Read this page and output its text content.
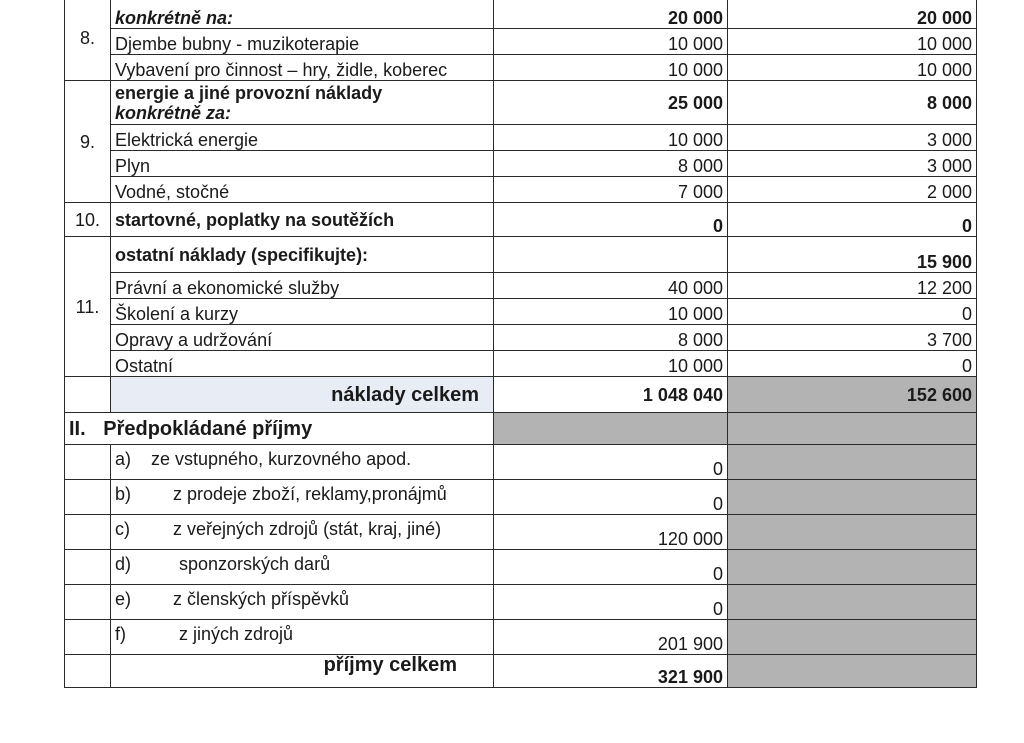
8.	konkrétně na:	20 000	20 000
	Djembe bubny - muzikoterapie	10 000	10 000
	Vybavení pro činnost – hry, židle, koberec	10 000	10 000
9.	energie a jiné provozní náklady
konkrétně za:	25 000	8 000
	Elektrická energie	10 000	3 000
	Plyn	8 000	3 000
	Vodné, stočné	7 000	2 000
10.	startovné, poplatky na soutěžích	0	0
11.	ostatní náklady (specifikujte):		15 900
	Právní a ekonomické služby	40 000	12 200
	Školení a kurzy	10 000	0
	Opravy a udržování	8 000	3 700
	Ostatní	10 000	0
	náklady celkem	1 048 040	152 600
II. Předpokládané příjmy			
	a) ze vstupného, kurzovného apod.	0	
	b) z prodeje zboží, reklamy,pronájmů	0	
	c) z veřejných zdrojů (stát, kraj, jiné)	120 000	
	d) sponzorských darů	0	
	e) z členských příspěvků	0	
	f) z jiných zdrojů	201 900	
	příjmy celkem	321 900	
